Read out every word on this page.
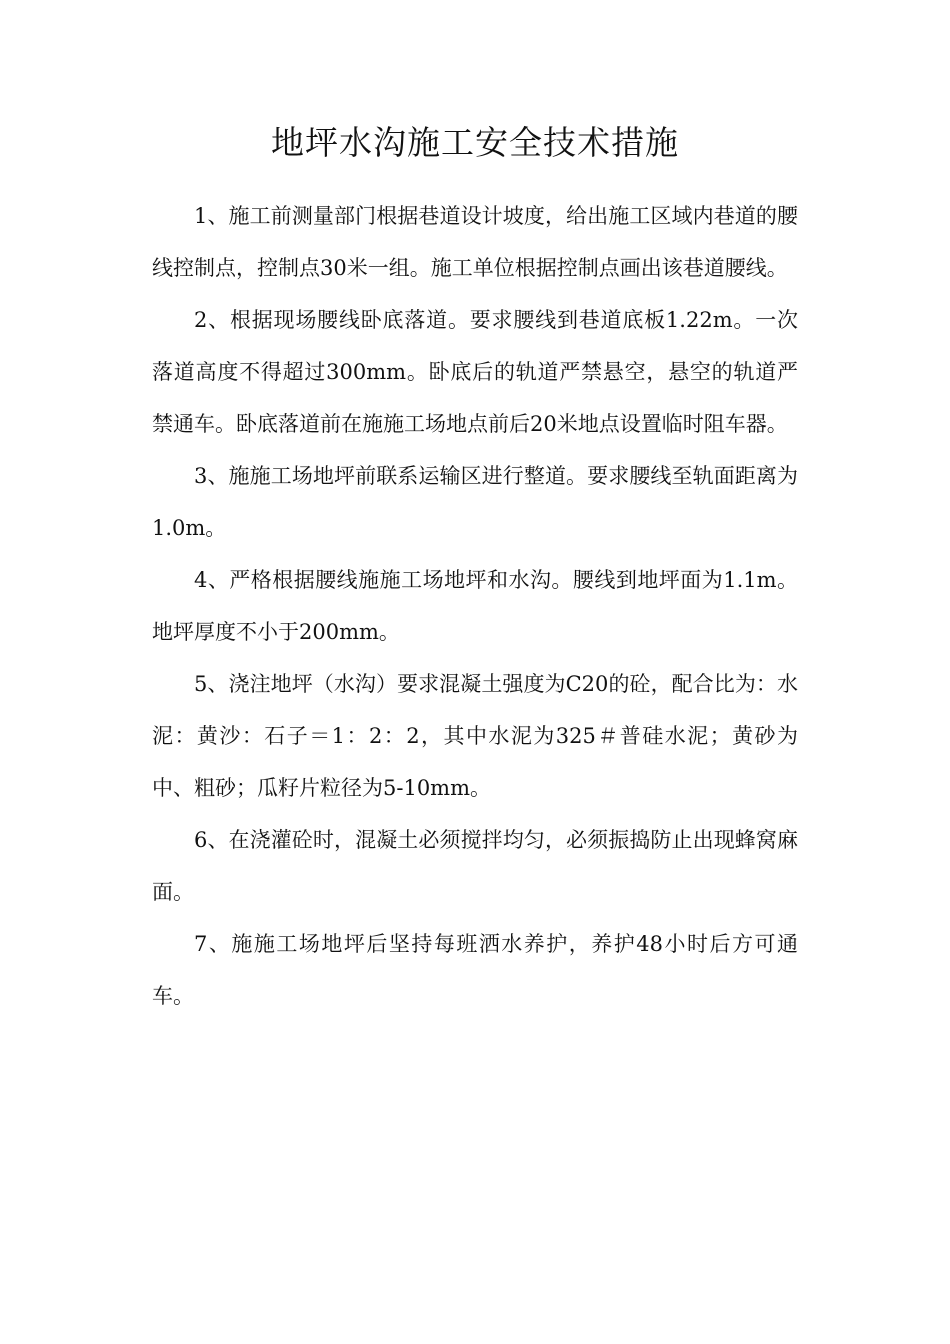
地坪水沟施工安全技术措施

1、施工前测量部门根据巷道设计坡度，给出施工区域内巷道的腰线控制点，控制点30米一组。施工单位根据控制点画出该巷道腰线。

2、根据现场腰线卧底落道。要求腰线到巷道底板1.22m。一次落道高度不得超过300mm。卧底后的轨道严禁悬空，悬空的轨道严禁通车。卧底落道前在施施工场地点前后20米地点设置临时阻车器。

3、施施工场地坪前联系运输区进行整道。要求腰线至轨面距离为1.0m。

4、严格根据腰线施施工场地坪和水沟。腰线到地坪面为1.1m。地坪厚度不小于200mm。

5、浇注地坪（水沟）要求混凝土强度为C20的砼，配合比为：水泥：黄沙：石子＝1：2：2，其中水泥为325＃普硅水泥；黄砂为中、粗砂；瓜籽片粒径为5-10mm。

6、在浇灌砼时，混凝土必须搅拌均匀，必须振捣防止出现蜂窝麻面。

7、施施工场地坪后坚持每班洒水养护，养护48小时后方可通车。
